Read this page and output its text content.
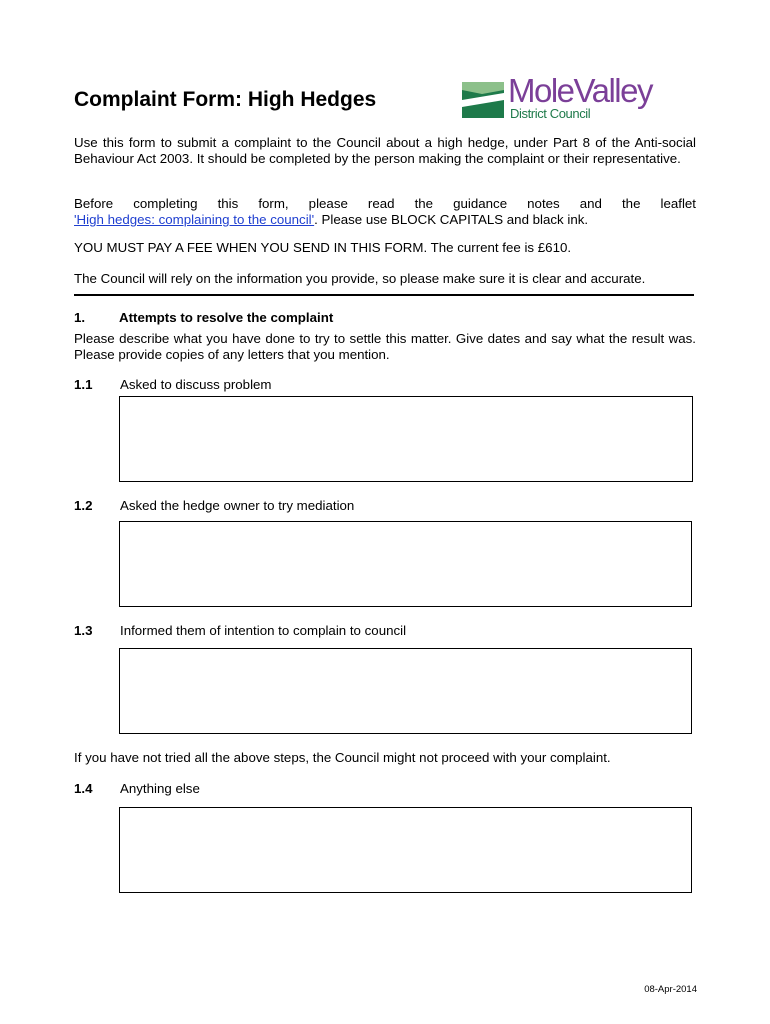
Complaint Form: High Hedges	MoleValley
District Council

Use this form to submit a complaint to the Council about a high hedge, under Part 8 of the Anti-social Behaviour Act 2003. It should be completed by the person making the complaint or their representative.

Before completing this form, please read the guidance notes and the leaflet
'High hedges: complaining to the council'. Please use BLOCK CAPITALS and black ink.

YOU MUST PAY A FEE WHEN YOU SEND IN THIS FORM. The current fee is £610.

The Council will rely on the information you provide, so please make sure it is clear and accurate.

1.	Attempts to resolve the complaint

Please describe what you have done to try to settle this matter. Give dates and say what the result was. Please provide copies of any letters that you mention.

1.1 Asked to discuss problem
1.2 Asked the hedge owner to try mediation
1.3 Informed them of intention to complain to council

If you have not tried all the above steps, the Council might not proceed with your complaint.

1.4 Anything else
08-Apr-2014
